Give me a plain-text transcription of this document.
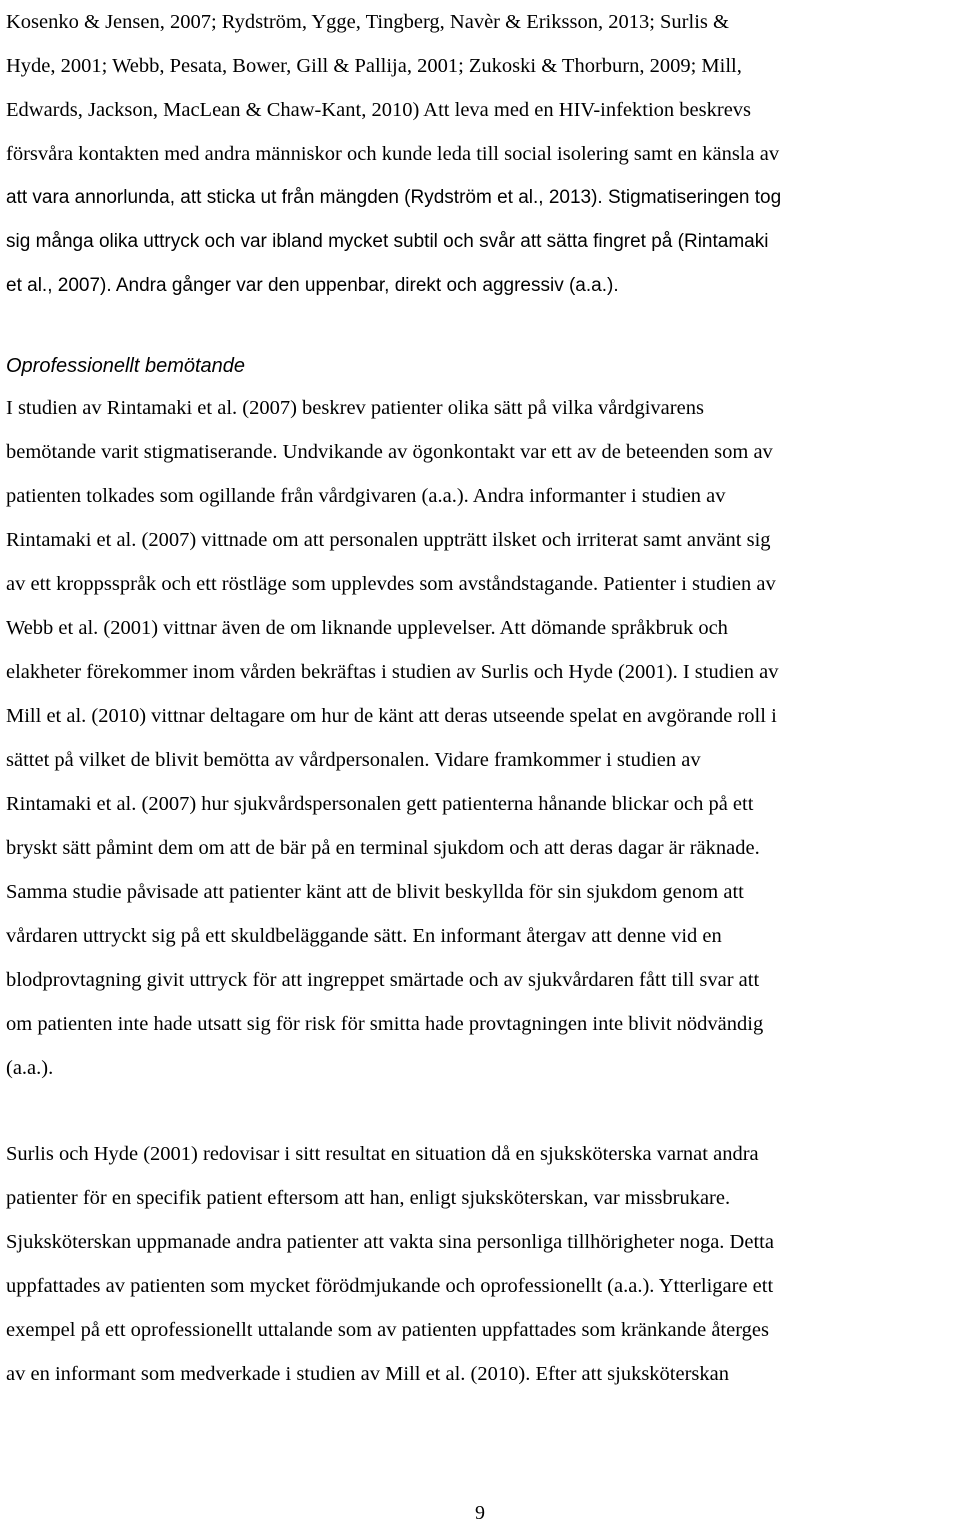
Kosenko & Jensen, 2007; Rydström, Ygge, Tingberg, Navèr & Eriksson, 2013; Surlis &

Hyde, 2001; Webb, Pesata, Bower, Gill & Pallija, 2001; Zukoski & Thorburn, 2009; Mill,

Edwards, Jackson, MacLean & Chaw-Kant, 2010) Att leva med en HIV-infektion beskrevs

försvåra kontakten med andra människor och kunde leda till social isolering samt en känsla av

att vara annorlunda, att sticka ut från mängden (Rydström et al., 2013). Stigmatiseringen tog

sig många olika uttryck och var ibland mycket subtil och svår att sätta fingret på (Rintamaki

et al., 2007). Andra gånger var den uppenbar, direkt och aggressiv (a.a.).

Oprofessionellt bemötande

I studien av Rintamaki et al. (2007) beskrev patienter olika sätt på vilka vårdgivarens

bemötande varit stigmatiserande. Undvikande av ögonkontakt var ett av de beteenden som av

patienten tolkades som ogillande från vårdgivaren (a.a.). Andra informanter i studien av

Rintamaki et al. (2007) vittnade om att personalen uppträtt ilsket och irriterat samt använt sig

av ett kroppsspråk och ett röstläge som upplevdes som avståndstagande. Patienter i studien av

Webb et al. (2001) vittnar även de om liknande upplevelser. Att dömande språkbruk och

elakheter förekommer inom vården bekräftas i studien av Surlis och Hyde (2001). I studien av

Mill et al. (2010) vittnar deltagare om hur de känt att deras utseende spelat en avgörande roll i

sättet på vilket de blivit bemötta av vårdpersonalen. Vidare framkommer i studien av

Rintamaki et al. (2007) hur sjukvårdspersonalen gett patienterna hånande blickar och på ett

bryskt sätt påmint dem om att de bär på en terminal sjukdom och att deras dagar är räknade.

Samma studie påvisade att patienter känt att de blivit beskyllda för sin sjukdom genom att

vårdaren uttryckt sig på ett skuldbeläggande sätt. En informant återgav att denne vid en

blodprovtagning givit uttryck för att ingreppet smärtade och av sjukvårdaren fått till svar att

om patienten inte hade utsatt sig för risk för smitta hade provtagningen inte blivit nödvändig

(a.a.).

Surlis och Hyde (2001) redovisar i sitt resultat en situation då en sjuksköterska varnat andra

patienter för en specifik patient eftersom att han, enligt sjuksköterskan, var missbrukare.

Sjuksköterskan uppmanade andra patienter att vakta sina personliga tillhörigheter noga. Detta

uppfattades av patienten som mycket förödmjukande och oprofessionellt (a.a.). Ytterligare ett

exempel på ett oprofessionellt uttalande som av patienten uppfattades som kränkande återges

av en informant som medverkade i studien av Mill et al. (2010). Efter att sjuksköterskan

9
